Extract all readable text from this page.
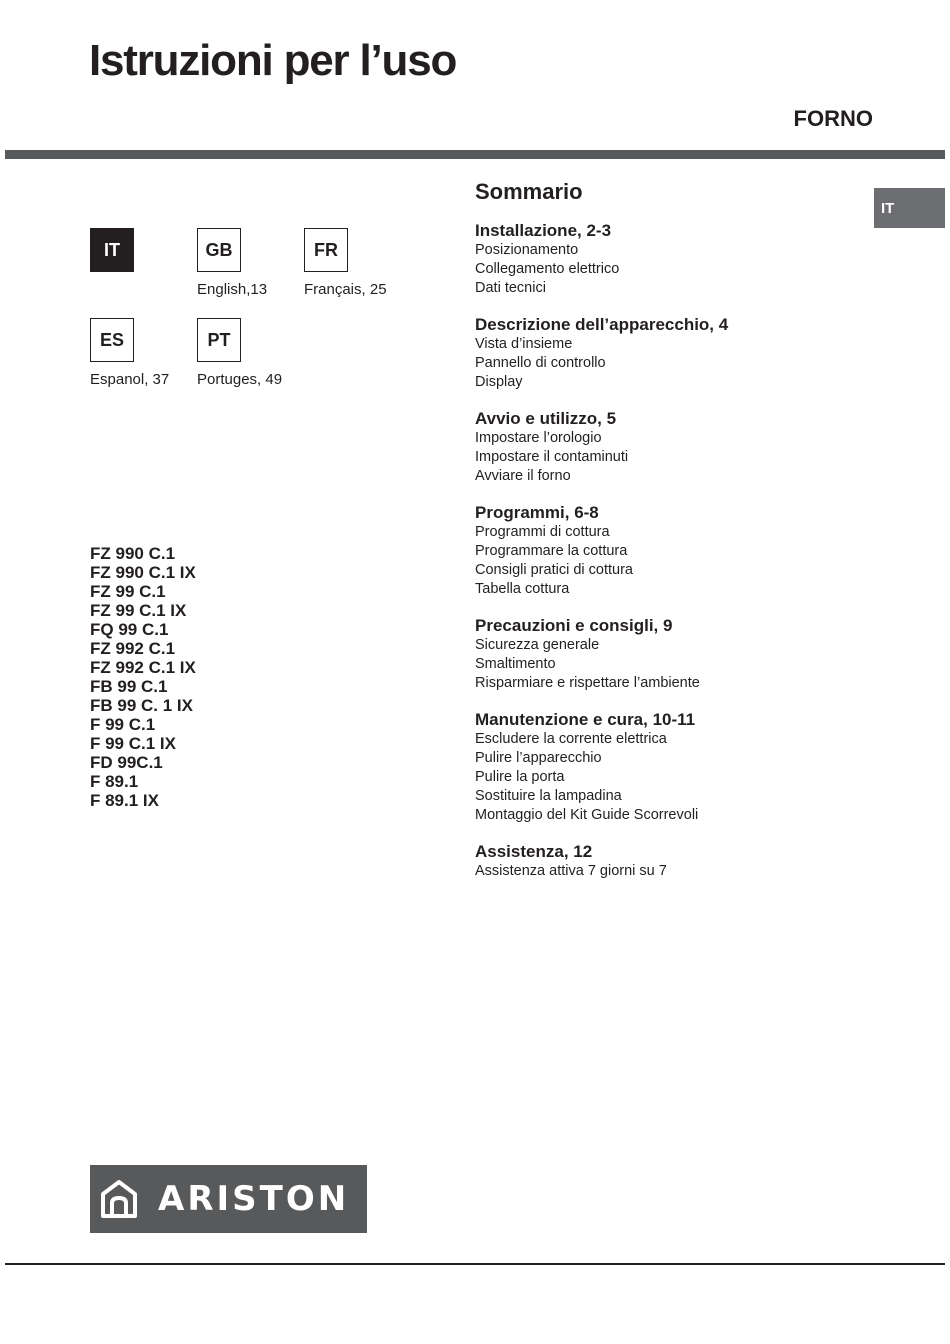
Istruzioni per l’uso
FORNO
IT	GB
English,13
FR
Français, 25
ES
Espanol, 37
PT
Portuges, 49
FZ 990 C.1
FZ 990 C.1 IX
FZ 99 C.1
FZ 99 C.1 IX
FQ 99 C.1
FZ 992 C.1
FZ 992 C.1 IX
FB 99 C.1
FB 99 C. 1 IX
F 99 C.1
F 99 C.1 IX
FD 99C.1
F 89.1
F 89.1 IX
Sommario
Installazione, 2-3
Posizionamento
Collegamento elettrico
Dati tecnici
Descrizione dell’apparecchio, 4
Vista d’insieme
Pannello di controllo
Display
Avvio e utilizzo, 5
Impostare l’orologio
Impostare il contaminuti
Avviare il forno
Programmi, 6-8
Programmi di cottura
Programmare la cottura
Consigli pratici di cottura
Tabella cottura
Precauzioni e consigli, 9
Sicurezza generale
Smaltimento
Risparmiare e rispettare l’ambiente
Manutenzione e cura, 10-11
Escludere la corrente elettrica
Pulire l’apparecchio
Pulire la porta
Sostituire la lampadina
Montaggio del Kit Guide Scorrevoli
Assistenza, 12
Assistenza attiva 7 giorni su 7
IT
ARISTON
